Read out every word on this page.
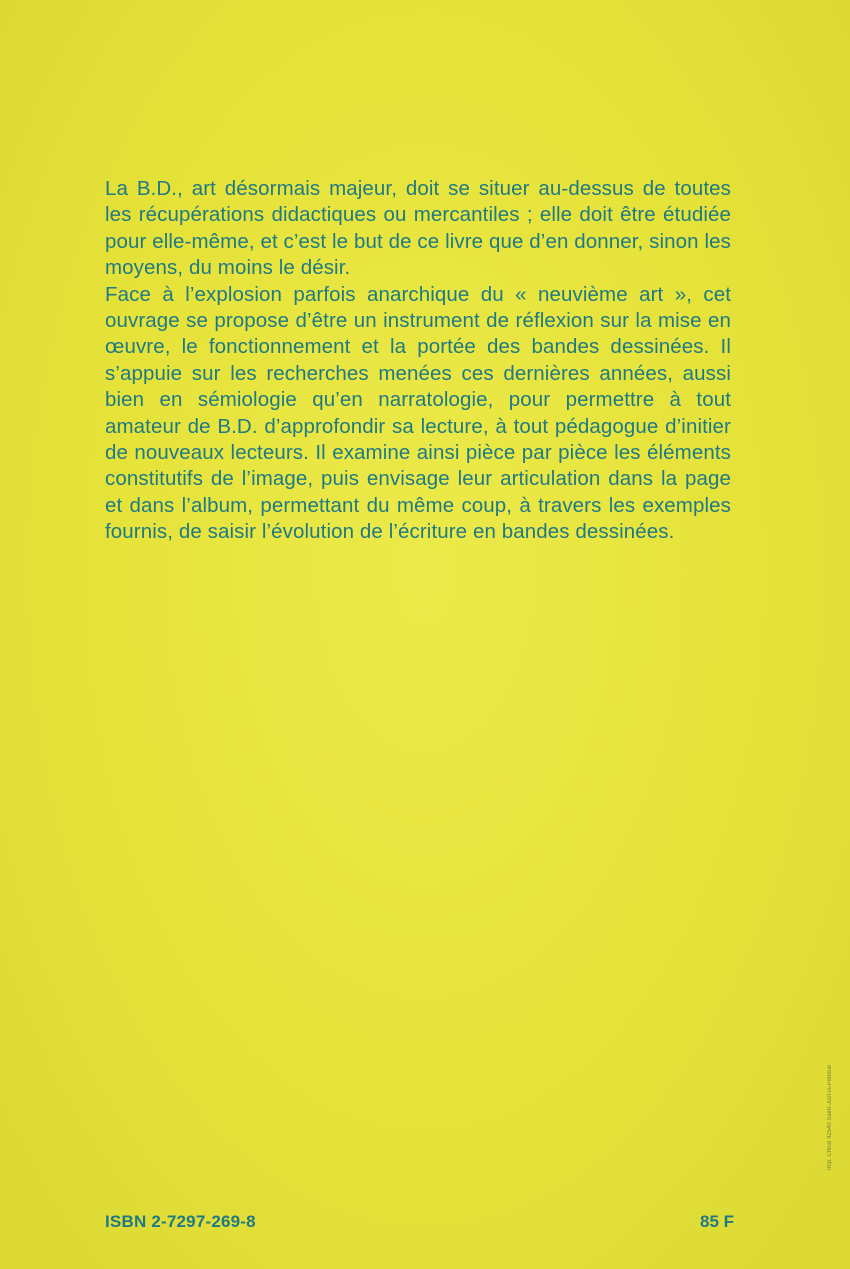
La B.D., art désormais majeur, doit se situer au-dessus de toutes les récupérations didactiques ou mercantiles ; elle doit être étudiée pour elle-même, et c’est le but de ce livre que d’en donner, sinon les moyens, du moins le désir.

Face à l’explosion parfois anarchique du « neuvième art », cet ouvrage se propose d’être un instrument de réflexion sur la mise en œuvre, le fonctionnement et la portée des bandes dessinées. Il s’appuie sur les recherches menées ces dernières années, aussi bien en sémiologie qu’en narratologie, pour permettre à tout amateur de B.D. d’approfondir sa lecture, à tout pédagogue d’initier de nouveaux lecteurs. Il examine ainsi pièce par pièce les éléments constitutifs de l’image, puis envisage leur articulation dans la page et dans l’album, permettant du même coup, à travers les exemples fournis, de saisir l’évolution de l’écriture en bandes dessinées.

ISBN 2-7297-269-8	85 F
Imp. Chirat 42540 Saint-Just-la-Pendue
